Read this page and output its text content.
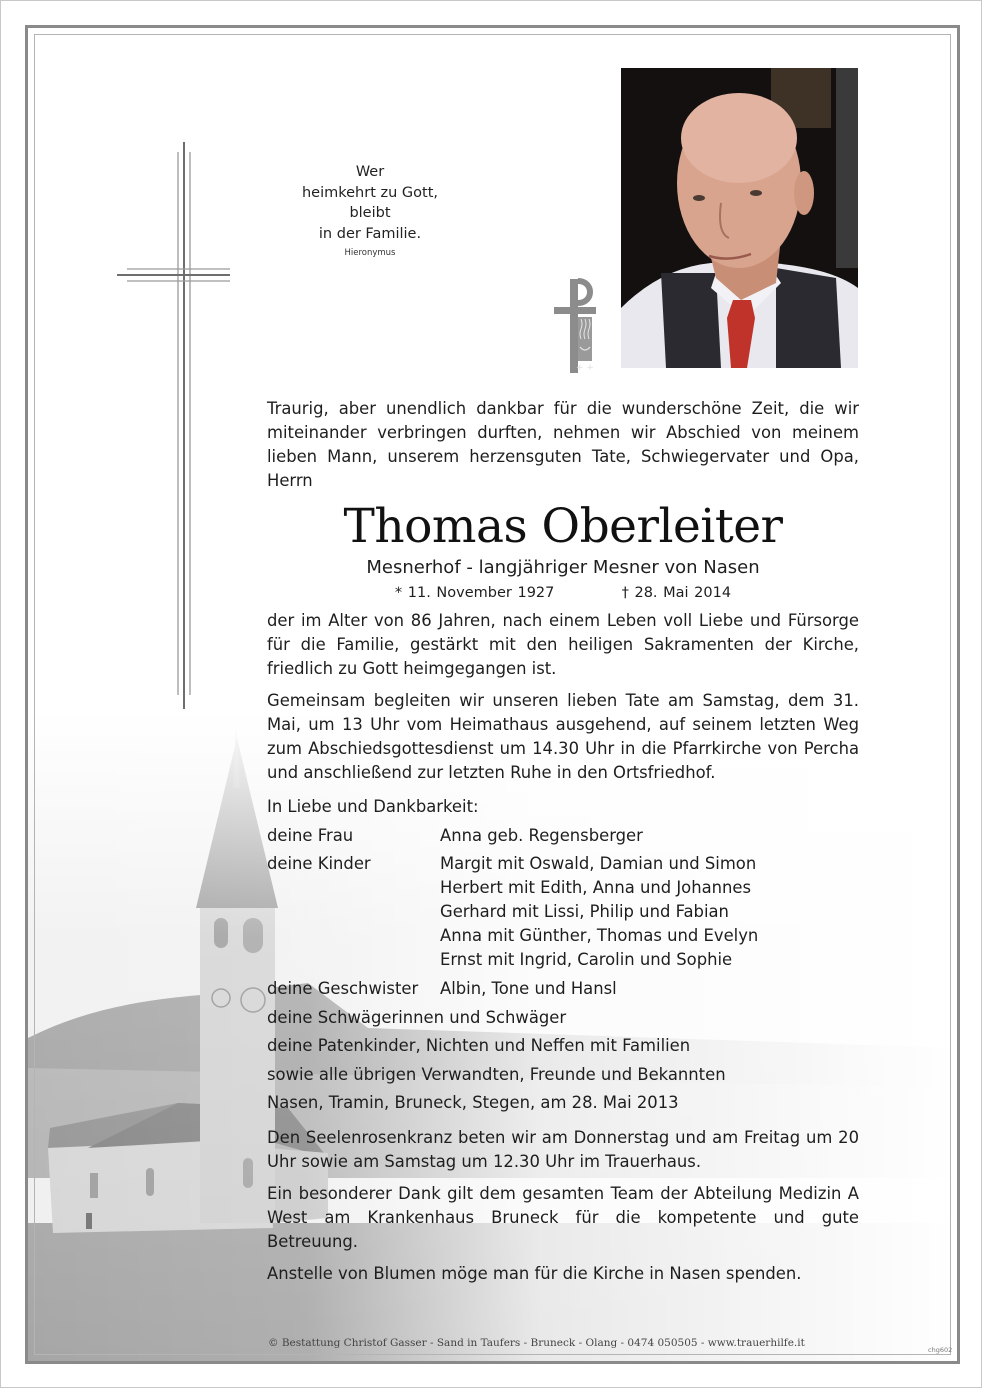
Wer
heimkehrt zu Gott,
bleibt
in der Familie.
Hieronymus
+ +

Traurig, aber unendlich dankbar für die wunderschöne Zeit, die wir miteinander verbringen durften, nehmen wir Abschied von meinem lieben Mann, unserem herzensguten Tate, Schwiegervater und Opa, Herrn

Thomas Oberleiter
Mesnerhof - langjähriger Mesner von Nasen
* 11. November 1927	† 28. Mai 2014

der im Alter von 86 Jahren, nach einem Leben voll Liebe und Fürsorge für die Familie, gestärkt mit den heiligen Sakramenten der Kirche, friedlich zu Gott heimgegangen ist.

Gemeinsam begleiten wir unseren lieben Tate am Samstag, dem 31. Mai, um 13 Uhr vom Heimathaus ausgehend, auf seinem letzten Weg zum Abschiedsgottesdienst um 14.30 Uhr in die Pfarrkirche von Percha und anschließend zur letzten Ruhe in den Ortsfriedhof.

In Liebe und Dankbarkeit:
deine Frau	Anna geb. Regensberger
deine Kinder	Margit mit Oswald, Damian und Simon
Herbert mit Edith, Anna und Johannes
Gerhard mit Lissi, Philip und Fabian
Anna mit Günther, Thomas und Evelyn
Ernst mit Ingrid, Carolin und Sophie
deine Geschwister	Albin, Tone und Hansl
deine Schwägerinnen und Schwäger
deine Patenkinder, Nichten und Neffen mit Familien
sowie alle übrigen Verwandten, Freunde und Bekannten
Nasen, Tramin, Bruneck, Stegen, am 28. Mai 2013

Den Seelenrosenkranz beten wir am Donnerstag und am Freitag um 20 Uhr sowie am Samstag um 12.30 Uhr im Trauerhaus.

Ein besonderer Dank gilt dem gesamten Team der Abteilung Medizin A West am Krankenhaus Bruneck für die kompetente und gute Betreuung.

Anstelle von Blumen möge man für die Kirche in Nasen spenden.

© Bestattung Christof Gasser - Sand in Taufers - Bruneck - Olang - 0474 050505 - www.trauerhilfe.it
chg602
